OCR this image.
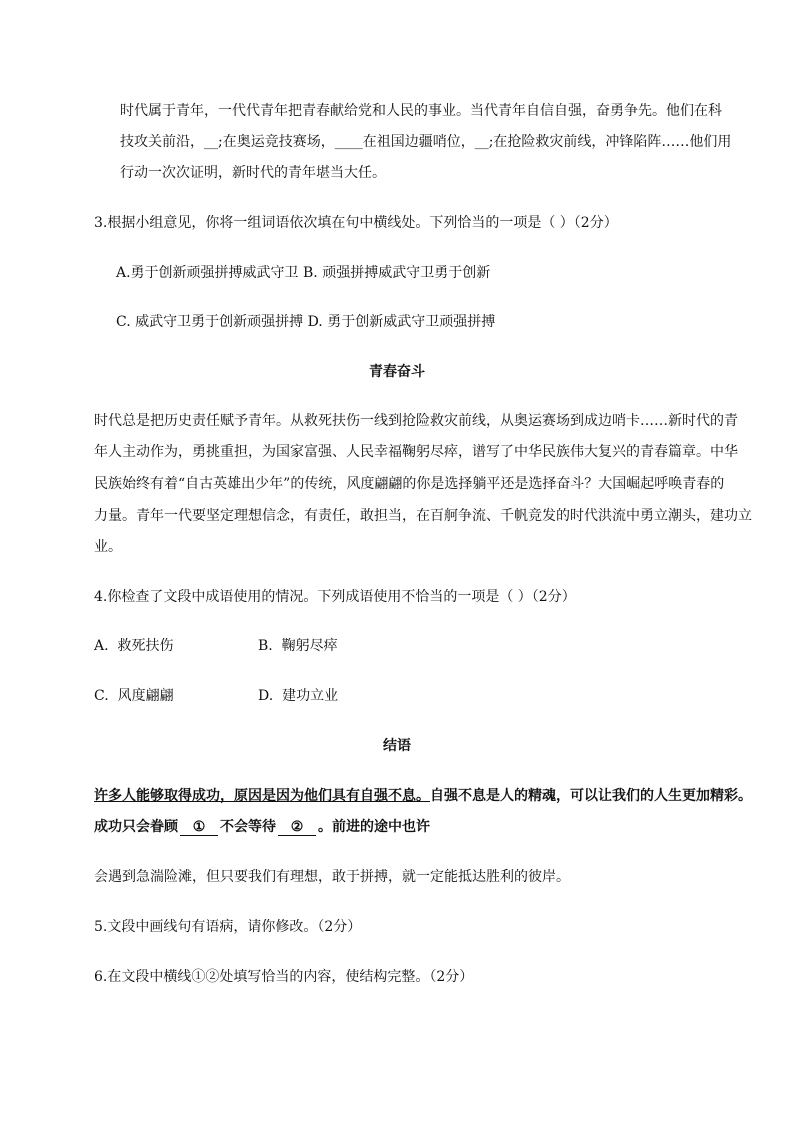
时代属于青年，一代代青年把青春献给党和人民的事业。当代青年自信自强，奋勇争先。他们在科
技攻关前沿，__;在奥运竞技赛场，____在祖国边疆哨位，__;在抢险救灾前线，冲锋陷阵……他们用
行动一次次证明，新时代的青年堪当大任。
3.根据小组意见，你将一组词语依次填在句中横线处。下列恰当的一项是（ ）（2分）
A.勇于创新顽强拼搏威武守卫 B. 顽强拼搏威武守卫勇于创新
C. 威武守卫勇于创新顽强拼搏 D. 勇于创新威武守卫顽强拼搏
青春奋斗
时代总是把历史责任赋予青年。从救死扶伤一线到抢险救灾前线，从奥运赛场到成边哨卡……新时代的青
年人主动作为，勇挑重担，为国家富强、人民幸福鞠躬尽瘁，谱写了中华民族伟大复兴的青春篇章。中华
民族始终有着“自古英雄出少年”的传统，风度翩翩的你是选择躺平还是选择奋斗？大国崛起呼唤青春的
力量。青年一代要坚定理想信念，有责任，敢担当，在百舸争流、千帆竞发的时代洪流中勇立潮头，建功立
业。
4.你检查了文段中成语使用的情况。下列成语使用不恰当的一项是（ ）（2分）
A. 救死扶伤	B. 鞠躬尽瘁
C. 风度翩翩	D. 建功立业
结语
许多人能够取得成功，原因是因为他们具有自强不息。自强不息是人的精魂，可以让我们的人生更加精彩。
成功只会眷顾 ① 不会等待 ② 。前进的途中也许
会遇到急湍险滩，但只要我们有理想，敢于拼搏，就一定能抵达胜利的彼岸。
5.文段中画线句有语病，请你修改。（2分）
6.在文段中横线①②处填写恰当的内容，使结构完整。（2分）
